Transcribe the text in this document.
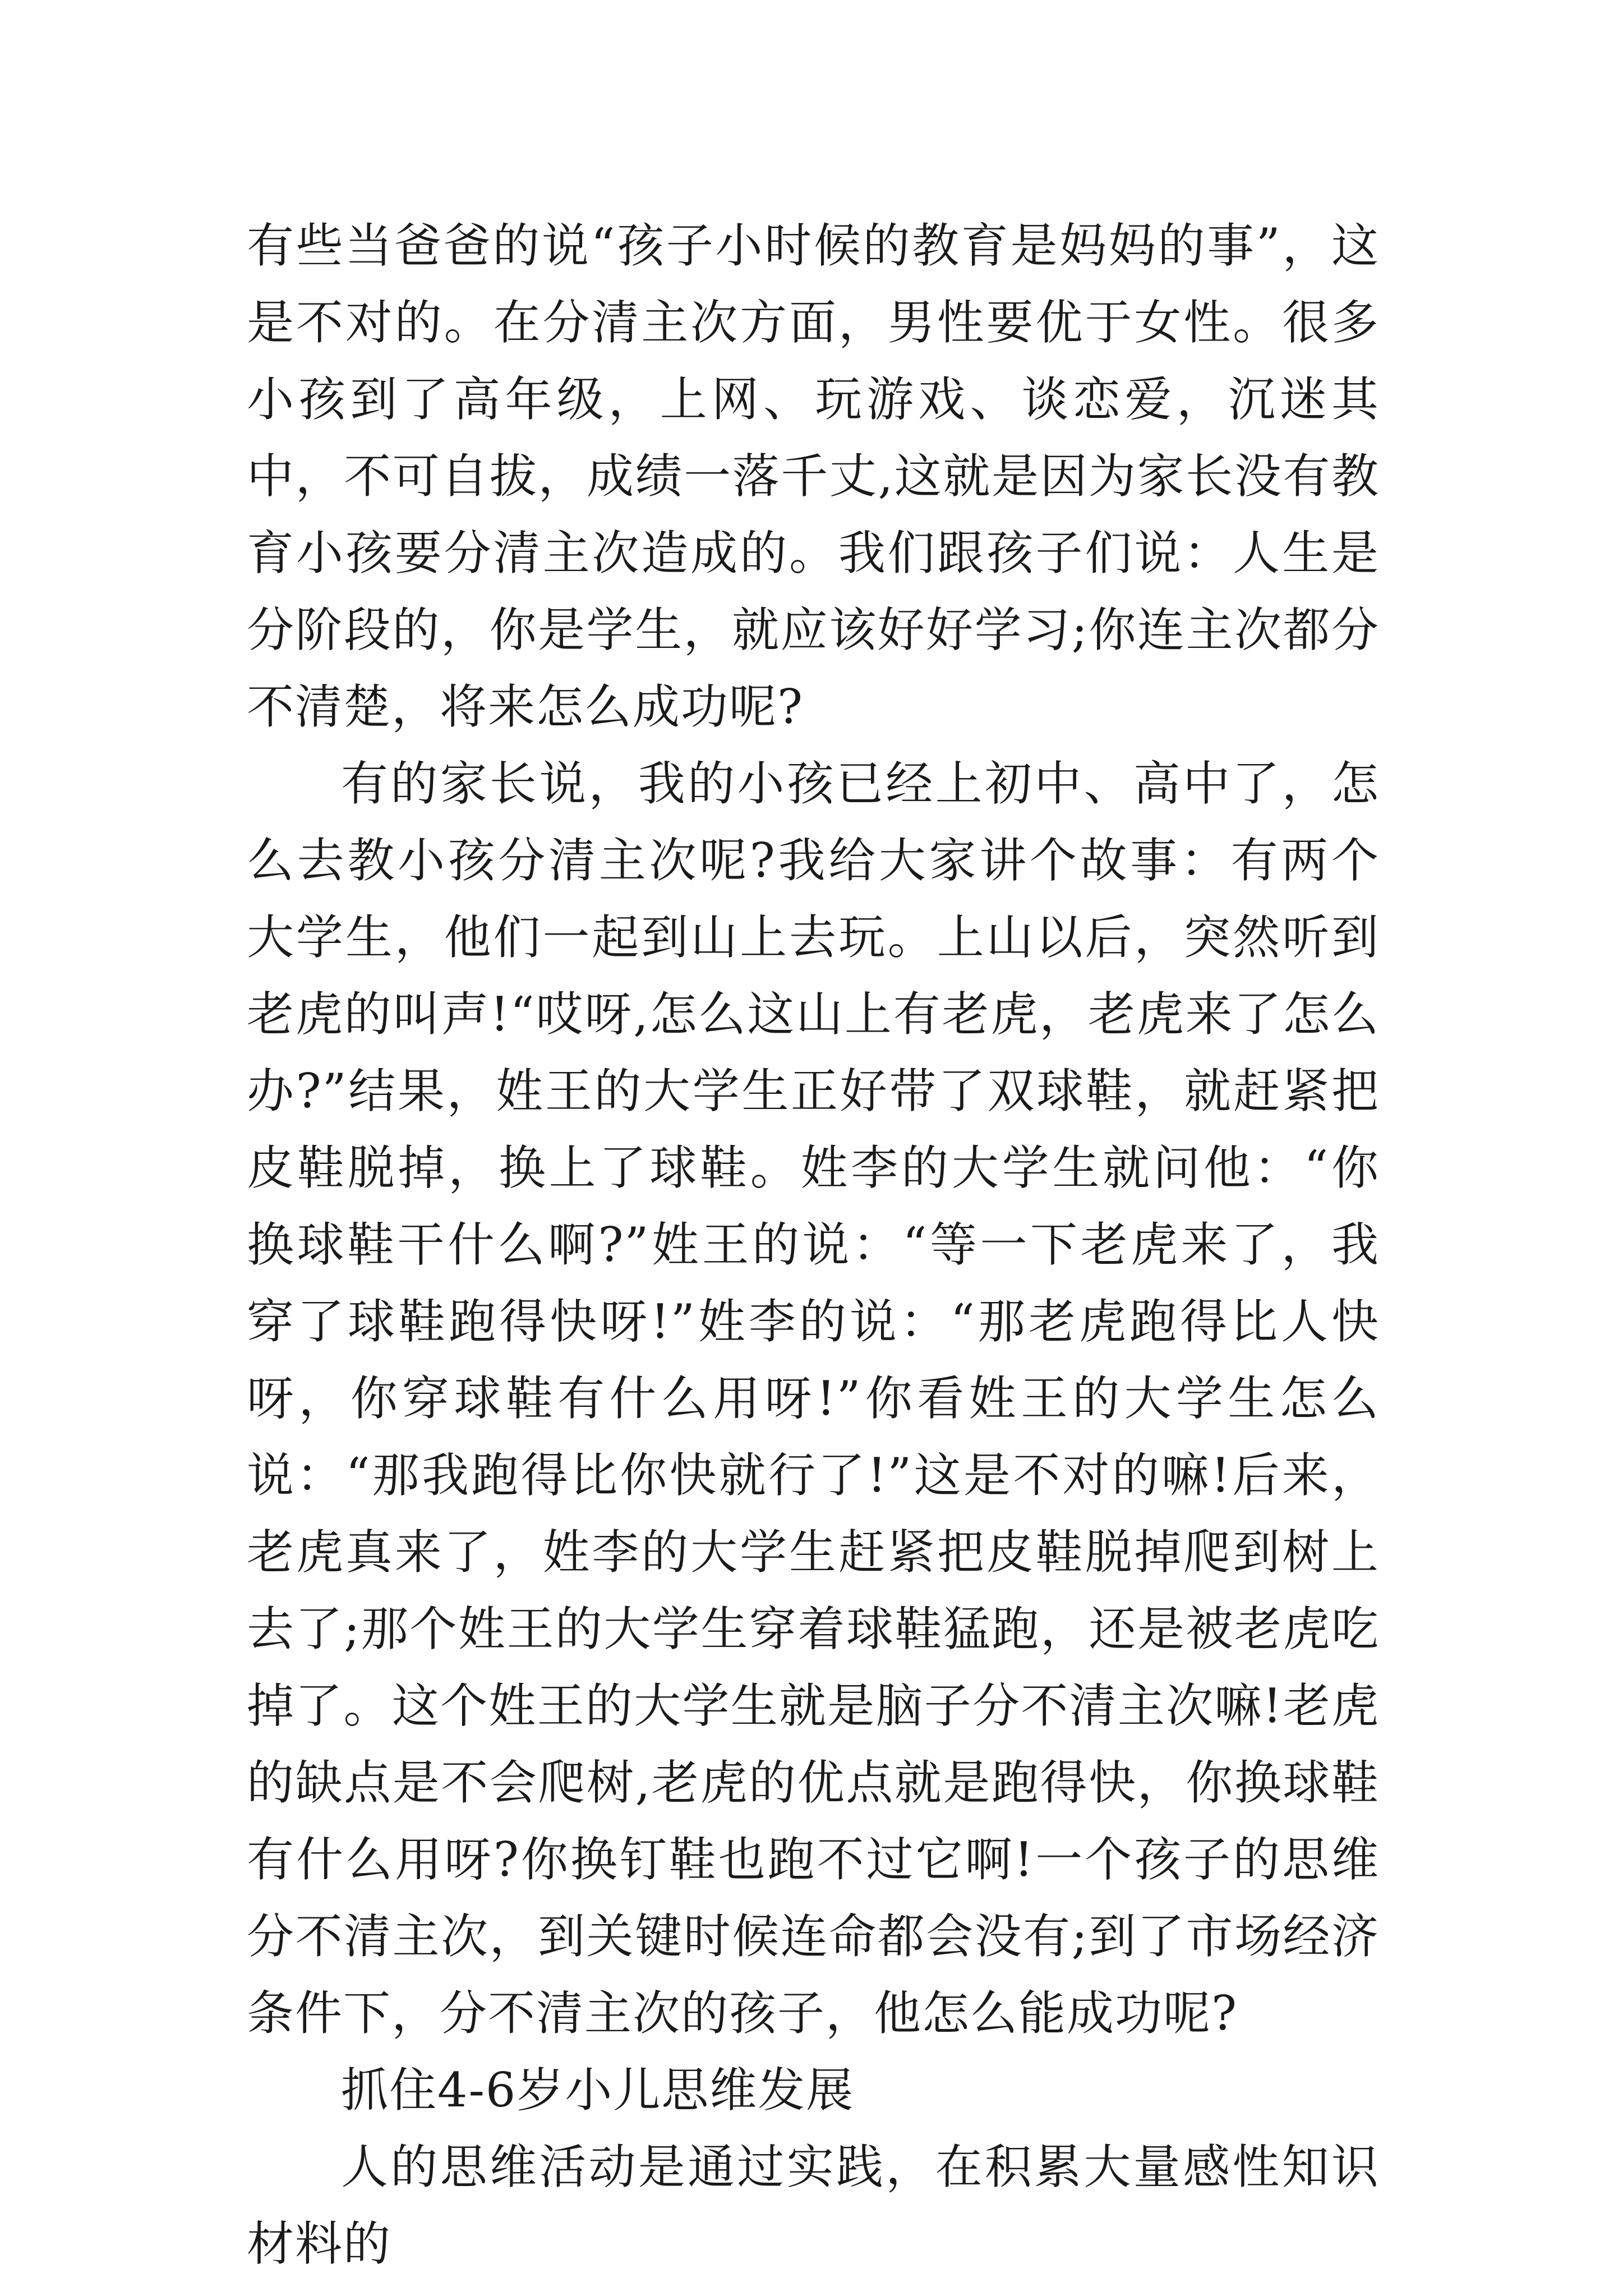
有些当爸爸的说“孩子小时候的教育是妈妈的事”，这是不对的。在分清主次方面，男性要优于女性。很多小孩到了高年级，上网、玩游戏、谈恋爱，沉迷其中，不可自拔，成绩一落千丈,这就是因为家长没有教育小孩要分清主次造成的。我们跟孩子们说：人生是分阶段的，你是学生，就应该好好学习;你连主次都分不清楚，将来怎么成功呢?

有的家长说，我的小孩已经上初中、高中了，怎么去教小孩分清主次呢?我给大家讲个故事：有两个大学生，他们一起到山上去玩。上山以后，突然听到老虎的叫声!“哎呀,怎么这山上有老虎，老虎来了怎么办?”结果，姓王的大学生正好带了双球鞋，就赶紧把皮鞋脱掉，换上了球鞋。姓李的大学生就问他：“你换球鞋干什么啊?”姓王的说：“等一下老虎来了，我穿了球鞋跑得快呀!”姓李的说：“那老虎跑得比人快呀，你穿球鞋有什么用呀!”你看姓王的大学生怎么说：“那我跑得比你快就行了!”这是不对的嘛!后来，老虎真来了，姓李的大学生赶紧把皮鞋脱掉爬到树上去了;那个姓王的大学生穿着球鞋猛跑，还是被老虎吃掉了。这个姓王的大学生就是脑子分不清主次嘛!老虎的缺点是不会爬树,老虎的优点就是跑得快，你换球鞋有什么用呀?你换钉鞋也跑不过它啊!一个孩子的思维分不清主次，到关键时候连命都会没有;到了市场经济条件下，分不清主次的孩子，他怎么能成功呢?

抓住4-6岁小儿思维发展

人的思维活动是通过实践，在积累大量感性知识材料的
